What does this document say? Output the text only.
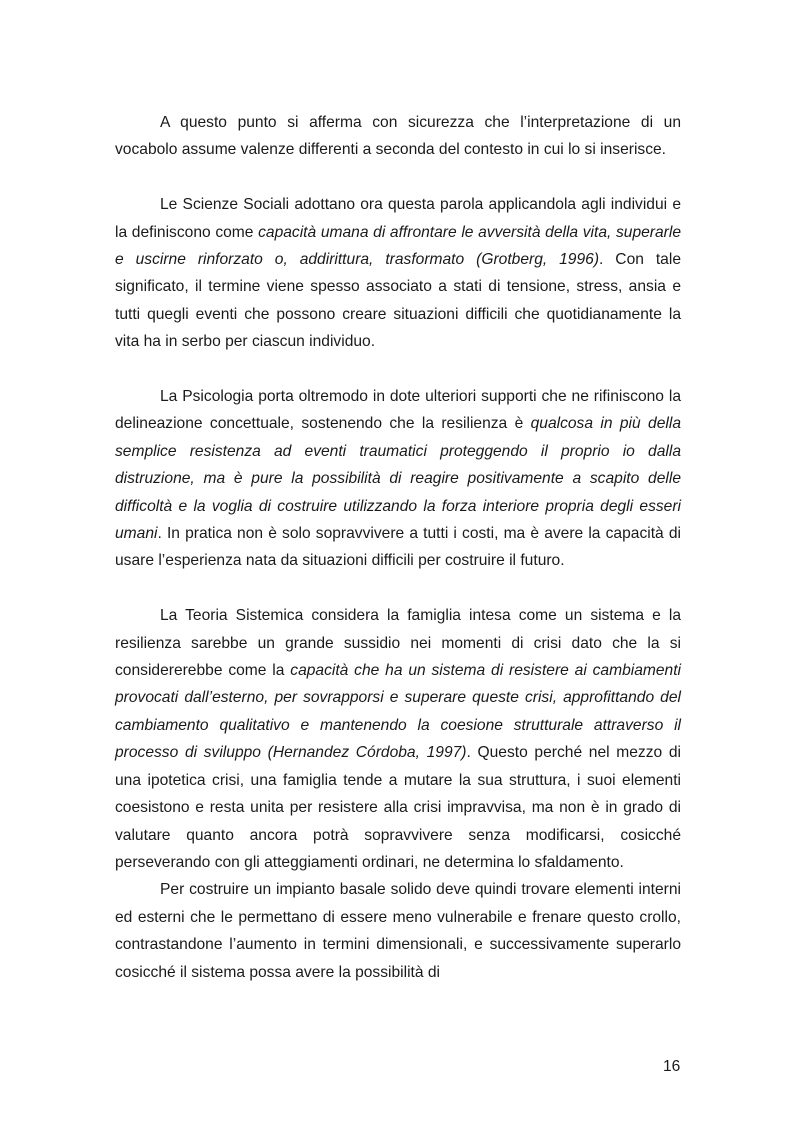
A questo punto si afferma con sicurezza che l’interpretazione di un vocabolo assume valenze differenti a seconda del contesto in cui lo si inserisce.

Le Scienze Sociali adottano ora questa parola applicandola agli individui e la definiscono come capacità umana di affrontare le avversità della vita, superarle e uscirne rinforzato o, addirittura, trasformato (Grotberg, 1996). Con tale significato, il termine viene spesso associato a stati di tensione, stress, ansia e tutti quegli eventi che possono creare situazioni difficili che quotidianamente la vita ha in serbo per ciascun individuo.

La Psicologia porta oltremodo in dote ulteriori supporti che ne rifiniscono la delineazione concettuale, sostenendo che la resilienza è qualcosa in più della semplice resistenza ad eventi traumatici proteggendo il proprio io dalla distruzione, ma è pure la possibilità di reagire positivamente a scapito delle difficoltà e la voglia di costruire utilizzando la forza interiore propria degli esseri umani. In pratica non è solo sopravvivere a tutti i costi, ma è avere la capacità di usare l’esperienza nata da situazioni difficili per costruire il futuro.

La Teoria Sistemica considera la famiglia intesa come un sistema e la resilienza sarebbe un grande sussidio nei momenti di crisi dato che la si considererebbe come la capacità che ha un sistema di resistere ai cambiamenti provocati dall’esterno, per sovrapporsi e superare queste crisi, approfittando del cambiamento qualitativo e mantenendo la coesione strutturale attraverso il processo di sviluppo (Hernandez Córdoba, 1997). Questo perché nel mezzo di una ipotetica crisi, una famiglia tende a mutare la sua struttura, i suoi elementi coesistono e resta unita per resistere alla crisi impravvisa, ma non è in grado di valutare quanto ancora potrà sopravvivere senza modificarsi, cosicché perseverando con gli atteggiamenti ordinari, ne determina lo sfaldamento.

Per costruire un impianto basale solido deve quindi trovare elementi interni ed esterni che le permettano di essere meno vulnerabile e frenare questo crollo, contrastandone l’aumento in termini dimensionali, e successivamente superarlo cosicché il sistema possa avere la possibilità di

16
